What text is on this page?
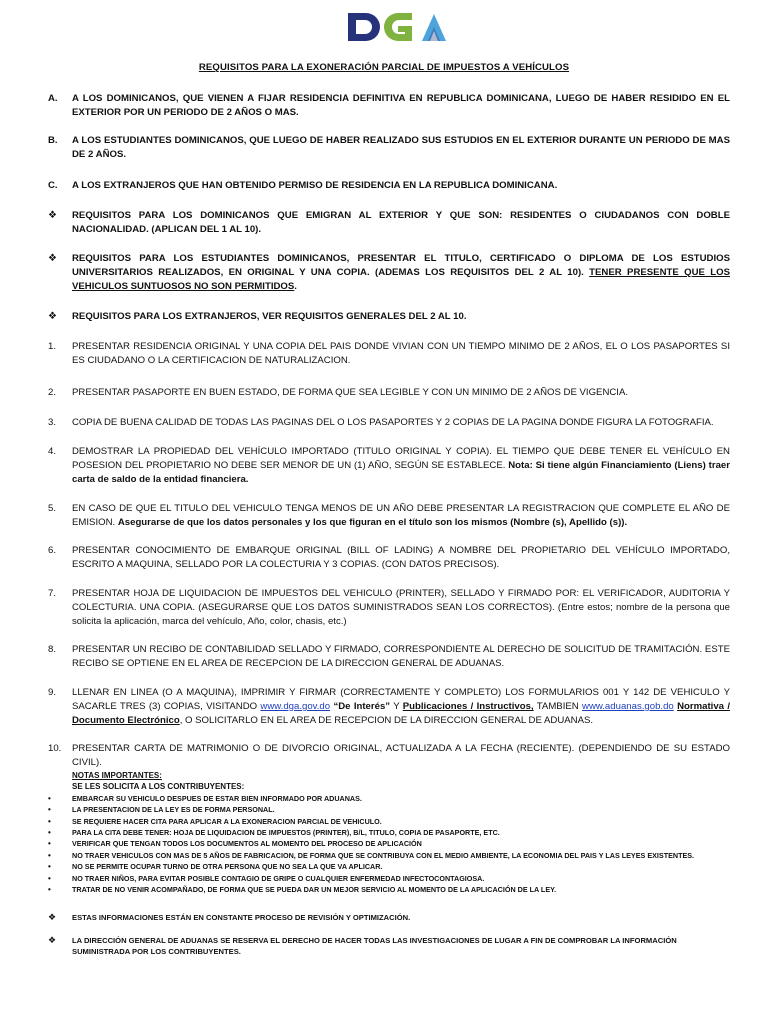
REQUISITOS PARA LA EXONERACIÓN PARCIAL DE IMPUESTOS A VEHÍCULOS
A.	A LOS DOMINICANOS, QUE VIENEN A FIJAR RESIDENCIA DEFINITIVA EN REPUBLICA DOMINICANA, LUEGO DE HABER RESIDIDO EN EL EXTERIOR POR UN PERIODO DE 2 AÑOS O MAS.
B.	A LOS ESTUDIANTES DOMINICANOS, QUE LUEGO DE HABER REALIZADO SUS ESTUDIOS EN EL EXTERIOR DURANTE UN PERIODO DE MAS DE 2 AÑOS.
C.	A LOS EXTRANJEROS QUE HAN OBTENIDO PERMISO DE RESIDENCIA EN LA REPUBLICA DOMINICANA.
❖ REQUISITOS PARA LOS DOMINICANOS QUE EMIGRAN AL EXTERIOR Y QUE SON: RESIDENTES O CIUDADANOS CON DOBLE NACIONALIDAD. (APLICAN DEL 1 AL 10).
❖ REQUISITOS PARA LOS ESTUDIANTES DOMINICANOS, PRESENTAR EL TITULO, CERTIFICADO O DIPLOMA DE LOS ESTUDIOS UNIVERSITARIOS REALIZADOS, EN ORIGINAL Y UNA COPIA. (ADEMAS LOS REQUISITOS DEL 2 AL 10). TENER PRESENTE QUE LOS VEHICULOS SUNTUOSOS NO SON PERMITIDOS.
❖ REQUISITOS PARA LOS EXTRANJEROS, VER REQUISITOS GENERALES DEL 2 AL 10.
1.	PRESENTAR RESIDENCIA ORIGINAL Y UNA COPIA DEL PAIS DONDE VIVIAN CON UN TIEMPO MINIMO DE 2 AÑOS, EL O LOS PASAPORTES SI ES CIUDADANO O LA CERTIFICACION DE NATURALIZACION.
2.	PRESENTAR PASAPORTE EN BUEN ESTADO, DE FORMA QUE SEA LEGIBLE Y CON UN MINIMO DE 2 AÑOS DE VIGENCIA.
3.	COPIA DE BUENA CALIDAD DE TODAS LAS PAGINAS DEL O LOS PASAPORTES Y 2 COPIAS DE LA PAGINA DONDE FIGURA LA FOTOGRAFIA.
4.	DEMOSTRAR LA PROPIEDAD DEL VEHÍCULO IMPORTADO (TITULO ORIGINAL Y COPIA). EL TIEMPO QUE DEBE TENER EL VEHÍCULO EN POSESION DEL PROPIETARIO NO DEBE SER MENOR DE UN (1) AÑO, SEGÚN SE ESTABLECE. Nota: Si tiene algún Financiamiento (Liens) traer carta de saldo de la entidad financiera.
5.	EN CASO DE QUE EL TITULO DEL VEHICULO TENGA MENOS DE UN AÑO DEBE PRESENTAR LA REGISTRACION QUE COMPLETE EL AÑO DE EMISION. Asegurarse de que los datos personales y los que figuran en el título son los mismos (Nombre (s), Apellido (s)).
6.	PRESENTAR CONOCIMIENTO DE EMBARQUE ORIGINAL (BILL OF LADING) A NOMBRE DEL PROPIETARIO DEL VEHÍCULO IMPORTADO, ESCRITO A MAQUINA, SELLADO POR LA COLECTURIA Y 3 COPIAS. (CON DATOS PRECISOS).
7.	PRESENTAR HOJA DE LIQUIDACION DE IMPUESTOS DEL VEHICULO (PRINTER), SELLADO Y FIRMADO POR: EL VERIFICADOR, AUDITORIA Y COLECTURIA. UNA COPIA. (ASEGURARSE QUE LOS DATOS SUMINISTRADOS SEAN LOS CORRECTOS). (Entre estos; nombre de la persona que solicita la aplicación, marca del vehículo, Año, color, chasis, etc.)
8.	PRESENTAR UN RECIBO DE CONTABILIDAD SELLADO Y FIRMADO, CORRESPONDIENTE AL DERECHO DE SOLICITUD DE TRAMITACIÓN. ESTE RECIBO SE OPTIENE EN EL AREA DE RECEPCION DE LA DIRECCION GENERAL DE ADUANAS.
9.	LLENAR EN LINEA (O A MAQUINA), IMPRIMIR Y FIRMAR (CORRECTAMENTE Y COMPLETO) LOS FORMULARIOS 001 Y 142 DE VEHICULO Y SACARLE TRES (3) COPIAS, VISITANDO www.dga.gov.do “De Interés” Y Publicaciones / Instructivos, TAMBIEN www.aduanas.gob.do Normativa / Documento Electrónico, O SOLICITARLO EN EL AREA DE RECEPCION DE LA DIRECCION GENERAL DE ADUANAS.
10.	PRESENTAR CARTA DE MATRIMONIO O DE DIVORCIO ORIGINAL, ACTUALIZADA A LA FECHA (RECIENTE). (DEPENDIENDO DE SU ESTADO CIVIL).
NOTAS IMPORTANTES:
SE LES SOLICITA A LOS CONTRIBUYENTES:
•	EMBARCAR SU VEHICULO DESPUES DE ESTAR BIEN INFORMADO POR ADUANAS.
•	LA PRESENTACION DE LA LEY ES DE FORMA PERSONAL.
•	SE REQUIERE HACER CITA PARA APLICAR A LA EXONERACION PARCIAL DE VEHICULO.
•	PARA LA CITA DEBE TENER: HOJA DE LIQUIDACION DE IMPUESTOS (PRINTER), B/L, TITULO, COPIA DE PASAPORTE, ETC.
•	VERIFICAR QUE TENGAN TODOS LOS DOCUMENTOS AL MOMENTO DEL PROCESO DE APLICACIÓN
•	NO TRAER VEHICULOS CON MAS DE 5 AÑOS DE FABRICACION, DE FORMA QUE SE CONTRIBUYA CON EL MEDIO AMBIENTE, LA ECONOMIA DEL PAIS Y LAS LEYES EXISTENTES.
•	NO SE PERMITE OCUPAR TURNO DE OTRA PERSONA QUE NO SEA LA QUE VA APLICAR.
•	NO TRAER NIÑOS, PARA EVITAR POSIBLE CONTAGIO DE GRIPE O CUALQUIER ENFERMEDAD INFECTOCONTAGIOSA.
•	TRATAR DE NO VENIR ACOMPAÑADO, DE FORMA QUE SE PUEDA DAR UN MEJOR SERVICIO AL MOMENTO DE LA APLICACIÓN DE LA LEY.
❖ ESTAS INFORMACIONES ESTÁN EN CONSTANTE PROCESO DE REVISIÓN Y OPTIMIZACIÓN.
❖ LA DIRECCIÓN GENERAL DE ADUANAS SE RESERVA EL DERECHO DE HACER TODAS LAS INVESTIGACIONES DE LUGAR A FIN DE COMPROBAR LA INFORMACIÓN SUMINISTRADA POR LOS CONTRIBUYENTES.
